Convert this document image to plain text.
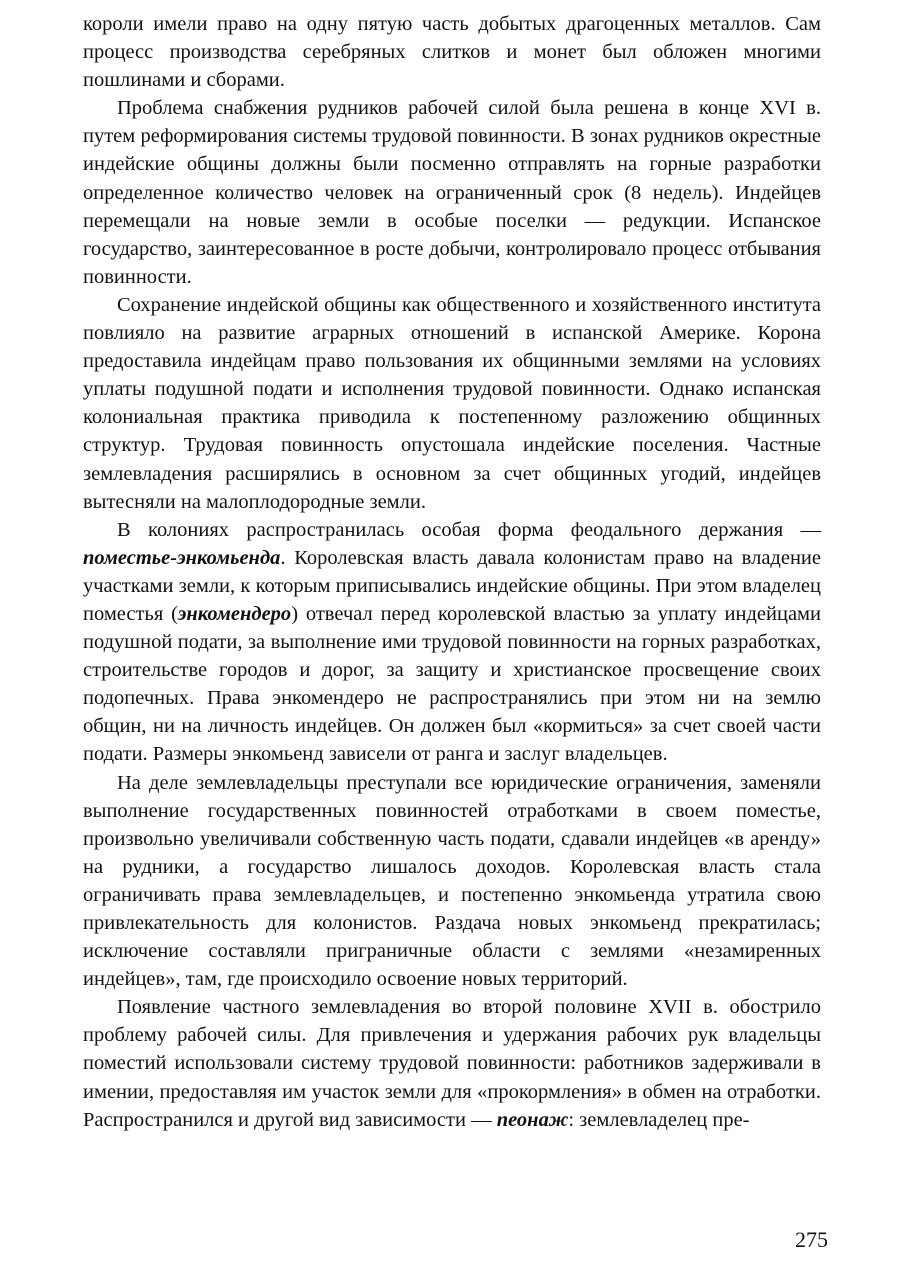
короли имели право на одну пятую часть добытых драгоценных металлов. Сам процесс производства серебряных слитков и монет был обложен многими пошлинами и сборами.

Проблема снабжения рудников рабочей силой была решена в конце XVI в. путем реформирования системы трудовой повинности. В зонах рудников окрестные индейские общины должны были посменно отправлять на горные разработки определенное количество человек на ограниченный срок (8 недель). Индейцев перемещали на новые земли в особые поселки — редукции. Испанское государство, заинтересованное в росте добычи, контролировало процесс отбывания повинности.

Сохранение индейской общины как общественного и хозяйственного института повлияло на развитие аграрных отношений в испанской Америке. Корона предоставила индейцам право пользования их общинными землями на условиях уплаты подушной подати и исполнения трудовой повинности. Однако испанская колониальная практика приводила к постепенному разложению общинных структур. Трудовая повинность опустошала индейские поселения. Частные землевладения расширялись в основном за счет общинных угодий, индейцев вытесняли на малоплодородные земли.

В колониях распространилась особая форма феодального держания — поместье-энкомьенда. Королевская власть давала колонистам право на владение участками земли, к которым приписывались индейские общины. При этом владелец поместья (энкомендеро) отвечал перед королевской властью за уплату индейцами подушной подати, за выполнение ими трудовой повинности на горных разработках, строительстве городов и дорог, за защиту и христианское просвещение своих подопечных. Права энкомендеро не распространялись при этом ни на землю общин, ни на личность индейцев. Он должен был «кормиться» за счет своей части подати. Размеры энкомьенд зависели от ранга и заслуг владельцев.

На деле землевладельцы преступали все юридические ограничения, заменяли выполнение государственных повинностей отработками в своем поместье, произвольно увеличивали собственную часть подати, сдавали индейцев «в аренду» на рудники, а государство лишалось доходов. Королевская власть стала ограничивать права землевладельцев, и постепенно энкомьенда утратила свою привлекательность для колонистов. Раздача новых энкомьенд прекратилась; исключение составляли приграничные области с землями «незамиренных индейцев», там, где происходило освоение новых территорий.

Появление частного землевладения во второй половине XVII в. обострило проблему рабочей силы. Для привлечения и удержания рабочих рук владельцы поместий использовали систему трудовой повинности: работников задерживали в имении, предоставляя им участок земли для «прокормления» в обмен на отработки. Распространился и другой вид зависимости — пеонаж: землевладелец пре-

275
